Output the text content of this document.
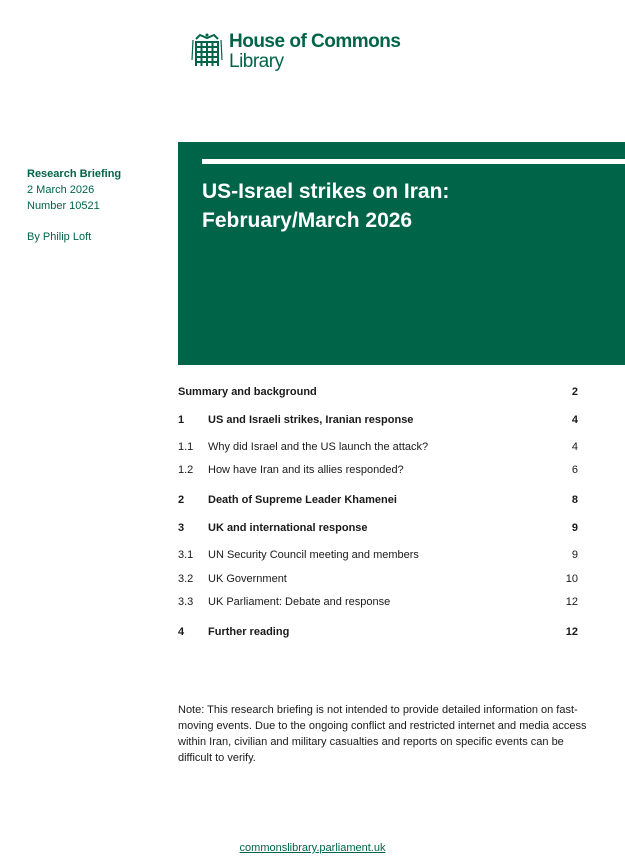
House of Commons
Library
Research Briefing
2 March 2026
Number 10521
By Philip Loft
US-Israel strikes on Iran:
February/March 2026
Summary and background	2
1	US and Israeli strikes, Iranian response	4
1.1	Why did Israel and the US launch the attack?	4
1.2	How have Iran and its allies responded?	6
2	Death of Supreme Leader Khamenei	8
3	UK and international response	9
3.1	UN Security Council meeting and members	9
3.2	UK Government	10
3.3	UK Parliament: Debate and response	12
4	Further reading	12

Note: This research briefing is not intended to provide detailed information on fast-moving events. Due to the ongoing conflict and restricted internet and media access within Iran, civilian and military casualties and reports on specific events can be difficult to verify.

commonslibrary.parliament.uk
